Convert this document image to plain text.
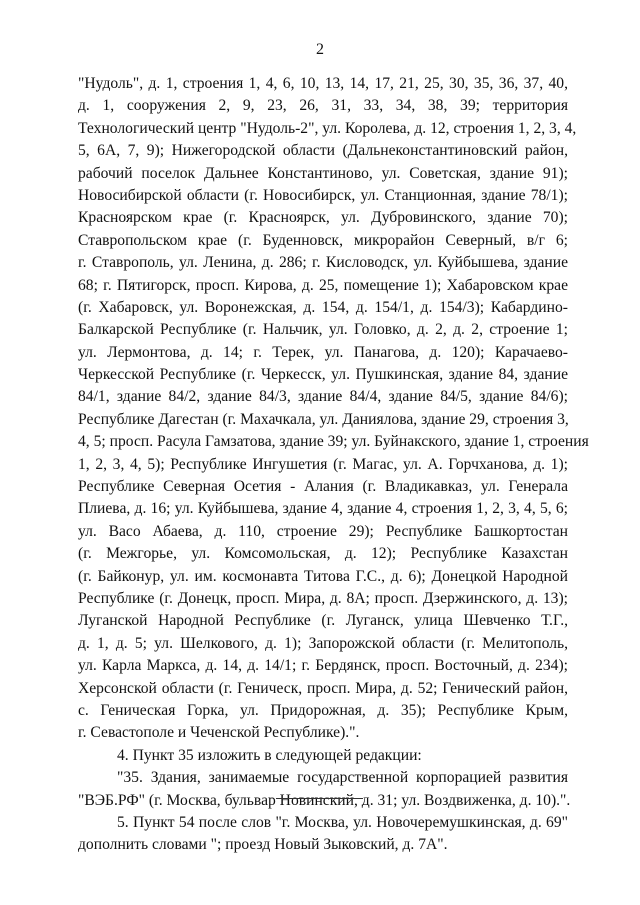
2
"Нудоль", д. 1, строения 1, 4, 6, 10, 13, 14, 17, 21, 25, 30, 35, 36, 37, 40,
д. 1, сооружения 2, 9, 23, 26, 31, 33, 34, 38, 39; территория
Технологический центр "Нудоль-2", ул. Королева, д. 12, строения 1, 2, 3, 4,
5, 6А, 7, 9); Нижегородской области (Дальнеконстантиновский район,
рабочий поселок Дальнее Константиново, ул. Советская, здание 91);
Новосибирской области (г. Новосибирск, ул. Станционная, здание 78/1);
Красноярском крае (г. Красноярск, ул. Дубровинского, здание 70);
Ставропольском крае (г. Буденновск, микрорайон Северный, в/г 6;
г. Ставрополь, ул. Ленина, д. 286; г. Кисловодск, ул. Куйбышева, здание
68; г. Пятигорск, просп. Кирова, д. 25, помещение 1); Хабаровском крае
(г. Хабаровск, ул. Воронежская, д. 154, д. 154/1, д. 154/3); Кабардино-
Балкарской Республике (г. Нальчик, ул. Головко, д. 2, д. 2, строение 1;
ул. Лермонтова, д. 14; г. Терек, ул. Панагова, д. 120); Карачаево-
Черкесской Республике (г. Черкесск, ул. Пушкинская, здание 84, здание
84/1, здание 84/2, здание 84/3, здание 84/4, здание 84/5, здание 84/6);
Республике Дагестан (г. Махачкала, ул. Даниялова, здание 29, строения 3,
4, 5; просп. Расула Гамзатова, здание 39; ул. Буйнакского, здание 1, строения
1, 2, 3, 4, 5); Республике Ингушетия (г. Магас, ул. А. Горчханова, д. 1);
Республике Северная Осетия - Алания (г. Владикавказ, ул. Генерала
Плиева, д. 16; ул. Куйбышева, здание 4, здание 4, строения 1, 2, 3, 4, 5, 6;
ул. Васо Абаева, д. 110, строение 29); Республике Башкортостан
(г. Межгорье, ул. Комсомольская, д. 12); Республике Казахстан
(г. Байконур, ул. им. космонавта Титова Г.С., д. 6); Донецкой Народной
Республике (г. Донецк, просп. Мира, д. 8А; просп. Дзержинского, д. 13);
Луганской Народной Республике (г. Луганск, улица Шевченко Т.Г.,
д. 1, д. 5; ул. Шелкового, д. 1); Запорожской области (г. Мелитополь,
ул. Карла Маркса, д. 14, д. 14/1; г. Бердянск, просп. Восточный, д. 234);
Херсонской области (г. Геническ, просп. Мира, д. 52; Генический район,
с. Геническая Горка, ул. Придорожная, д. 35); Республике Крым,
г. Севастополе и Чеченской Республике).".
4. Пункт 35 изложить в следующей редакции:
"35. Здания, занимаемые государственной корпорацией развития
"ВЭБ.РФ" (г. Москва, бульвар Новинский, д. 31; ул. Воздвиженка, д. 10).".
5. Пункт 54 после слов "г. Москва, ул. Новочеремушкинская, д. 69"
дополнить словами "; проезд Новый Зыковский, д. 7А".
